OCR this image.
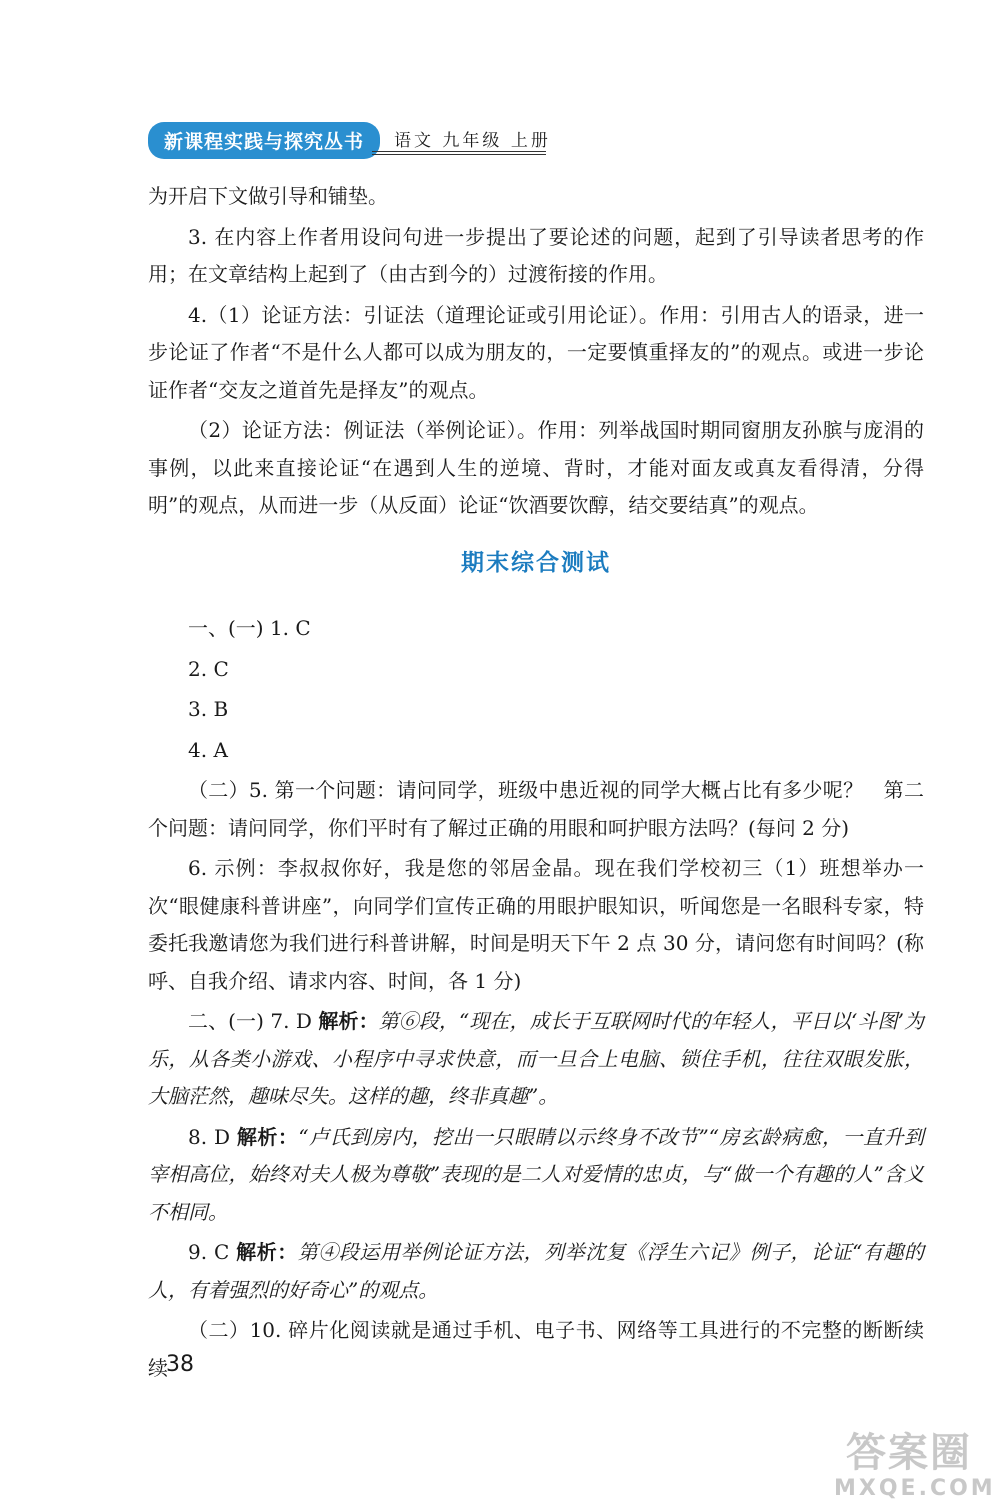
新课程实践与探究丛书	语文 九年级 上册

为开启下文做引导和铺垫。

3. 在内容上作者用设问句进一步提出了要论述的问题，起到了引导读者思考的作用；在文章结构上起到了（由古到今的）过渡衔接的作用。

4.（1）论证方法：引证法（道理论证或引用论证）。作用：引用古人的语录，进一步论证了作者“不是什么人都可以成为朋友的，一定要慎重择友的”的观点。或进一步论证作者“交友之道首先是择友”的观点。

（2）论证方法：例证法（举例论证）。作用：列举战国时期同窗朋友孙膑与庞涓的事例，以此来直接论证“在遇到人生的逆境、背时，才能对面友或真友看得清，分得明”的观点，从而进一步（从反面）论证“饮酒要饮醇，结交要结真”的观点。

期末综合测试

一、(一) 1. C

2. C

3. B

4. A

（二）5. 第一个问题：请问同学，班级中患近视的同学大概占比有多少呢？　第二个问题：请问同学，你们平时有了解过正确的用眼和呵护眼方法吗？(每问 2 分)

6. 示例：李叔叔你好，我是您的邻居金晶。现在我们学校初三（1）班想举办一次“眼健康科普讲座”，向同学们宣传正确的用眼护眼知识，听闻您是一名眼科专家，特委托我邀请您为我们进行科普讲解，时间是明天下午 2 点 30 分，请问您有时间吗？(称呼、自我介绍、请求内容、时间，各 1 分)

二、(一) 7. D 解析：第⑥段，“现在，成长于互联网时代的年轻人，平日以‘斗图’为乐，从各类小游戏、小程序中寻求快意，而一旦合上电脑、锁住手机，往往双眼发胀，大脑茫然，趣味尽失。这样的趣，终非真趣”。

8. D 解析：“卢氏到房内，挖出一只眼睛以示终身不改节”“房玄龄病愈，一直升到宰相高位，始终对夫人极为尊敬”表现的是二人对爱情的忠贞，与“做一个有趣的人”含义不相同。

9. C 解析：第④段运用举例论证方法，列举沈复《浮生六记》例子，论证“有趣的人，有着强烈的好奇心”的观点。

（二）10. 碎片化阅读就是通过手机、电子书、网络等工具进行的不完整的断断续续

38
答案圈
MXQE.COM
